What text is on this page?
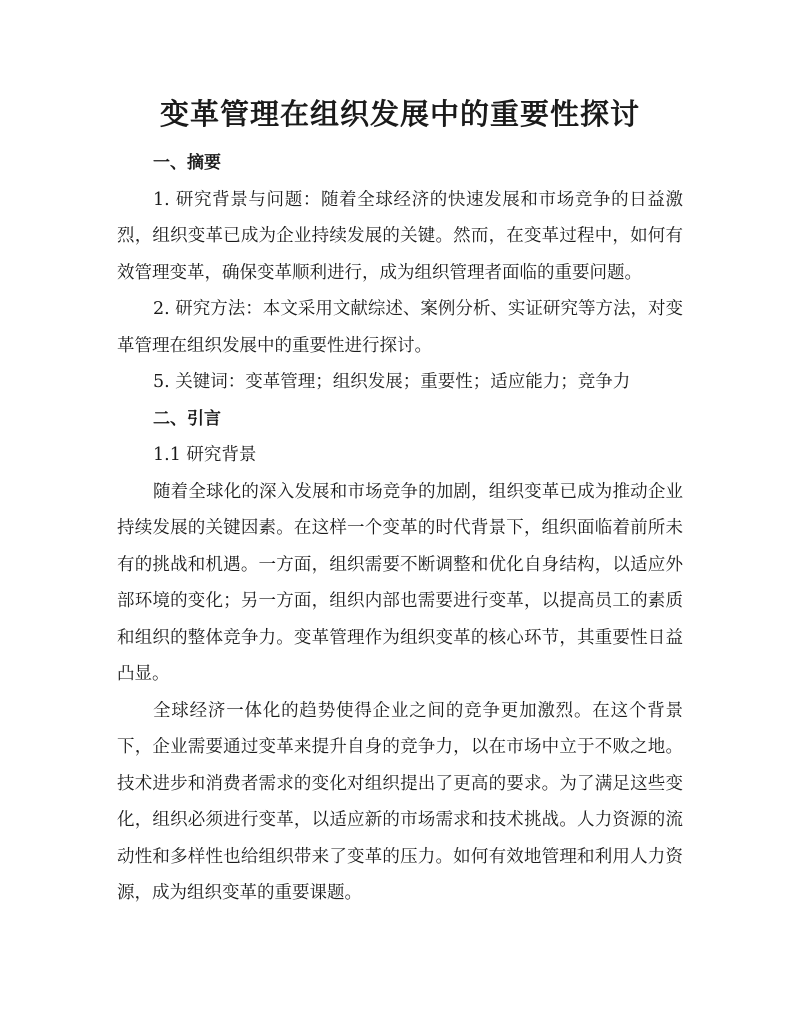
变革管理在组织发展中的重要性探讨

一、摘要

1. 研究背景与问题：随着全球经济的快速发展和市场竞争的日益激烈，组织变革已成为企业持续发展的关键。然而，在变革过程中，如何有效管理变革，确保变革顺利进行，成为组织管理者面临的重要问题。

2. 研究方法：本文采用文献综述、案例分析、实证研究等方法，对变革管理在组织发展中的重要性进行探讨。

5. 关键词：变革管理；组织发展；重要性；适应能力；竞争力

二、引言

1.1 研究背景

随着全球化的深入发展和市场竞争的加剧，组织变革已成为推动企业持续发展的关键因素。在这样一个变革的时代背景下，组织面临着前所未有的挑战和机遇。一方面，组织需要不断调整和优化自身结构，以适应外部环境的变化；另一方面，组织内部也需要进行变革，以提高员工的素质和组织的整体竞争力。变革管理作为组织变革的核心环节，其重要性日益凸显。

全球经济一体化的趋势使得企业之间的竞争更加激烈。在这个背景下，企业需要通过变革来提升自身的竞争力，以在市场中立于不败之地。技术进步和消费者需求的变化对组织提出了更高的要求。为了满足这些变化，组织必须进行变革，以适应新的市场需求和技术挑战。人力资源的流动性和多样性也给组织带来了变革的压力。如何有效地管理和利用人力资源，成为组织变革的重要课题。
